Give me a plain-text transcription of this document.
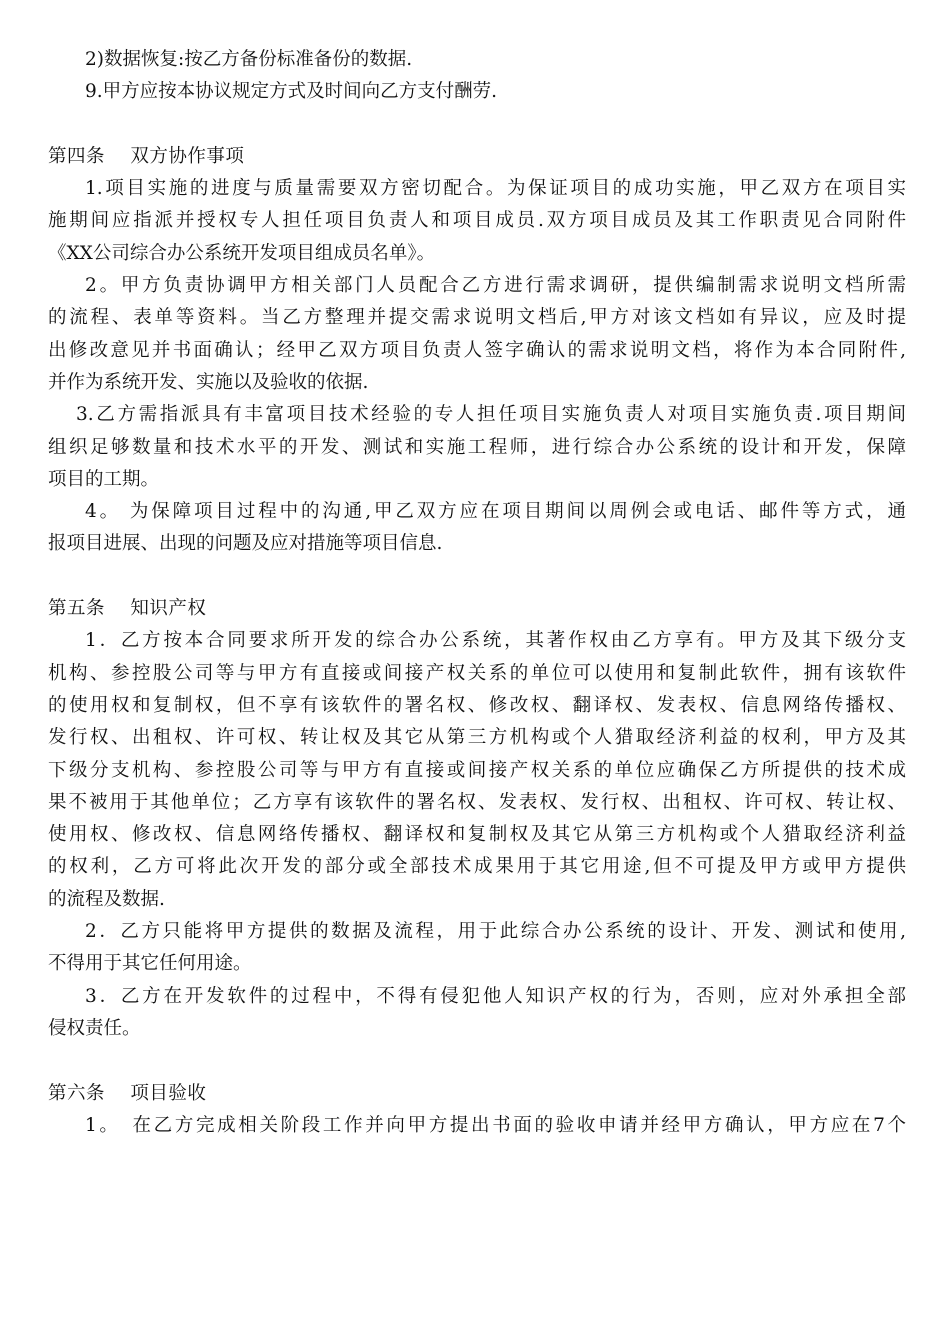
2)数据恢复:按乙方备份标准备份的数据.
9.甲方应按本协议规定方式及时间向乙方支付酬劳.
第四条　 双方协作事项
1.项目实施的进度与质量需要双方密切配合。为保证项目的成功实施，甲乙双方在项目实
施期间应指派并授权专人担任项目负责人和项目成员.双方项目成员及其工作职责见合同附件
《XX公司综合办公系统开发项目组成员名单》。
2。甲方负责协调甲方相关部门人员配合乙方进行需求调研，提供编制需求说明文档所需
的流程、表单等资料。当乙方整理并提交需求说明文档后,甲方对该文档如有异议，应及时提
出修改意见并书面确认；经甲乙双方项目负责人签字确认的需求说明文档，将作为本合同附件,
并作为系统开发、实施以及验收的依据.
3.乙方需指派具有丰富项目技术经验的专人担任项目实施负责人对项目实施负责.项目期间
组织足够数量和技术水平的开发、测试和实施工程师，进行综合办公系统的设计和开发，保障
项目的工期。
4。 为保障项目过程中的沟通,甲乙双方应在项目期间以周例会或电话、邮件等方式，通
报项目进展、出现的问题及应对措施等项目信息.
第五条　 知识产权
1．乙方按本合同要求所开发的综合办公系统，其著作权由乙方享有。甲方及其下级分支
机构、参控股公司等与甲方有直接或间接产权关系的单位可以使用和复制此软件，拥有该软件
的使用权和复制权，但不享有该软件的署名权、修改权、翻译权、发表权、信息网络传播权、
发行权、出租权、许可权、转让权及其它从第三方机构或个人猎取经济利益的权利，甲方及其
下级分支机构、参控股公司等与甲方有直接或间接产权关系的单位应确保乙方所提供的技术成
果不被用于其他单位；乙方享有该软件的署名权、发表权、发行权、出租权、许可权、转让权、
使用权、修改权、信息网络传播权、翻译权和复制权及其它从第三方机构或个人猎取经济利益
的权利，乙方可将此次开发的部分或全部技术成果用于其它用途,但不可提及甲方或甲方提供
的流程及数据.
2．乙方只能将甲方提供的数据及流程，用于此综合办公系统的设计、开发、测试和使用,
不得用于其它任何用途。
3．乙方在开发软件的过程中，不得有侵犯他人知识产权的行为，否则，应对外承担全部
侵权责任。
第六条　 项目验收
1。　在乙方完成相关阶段工作并向甲方提出书面的验收申请并经甲方确认，甲方应在7个
